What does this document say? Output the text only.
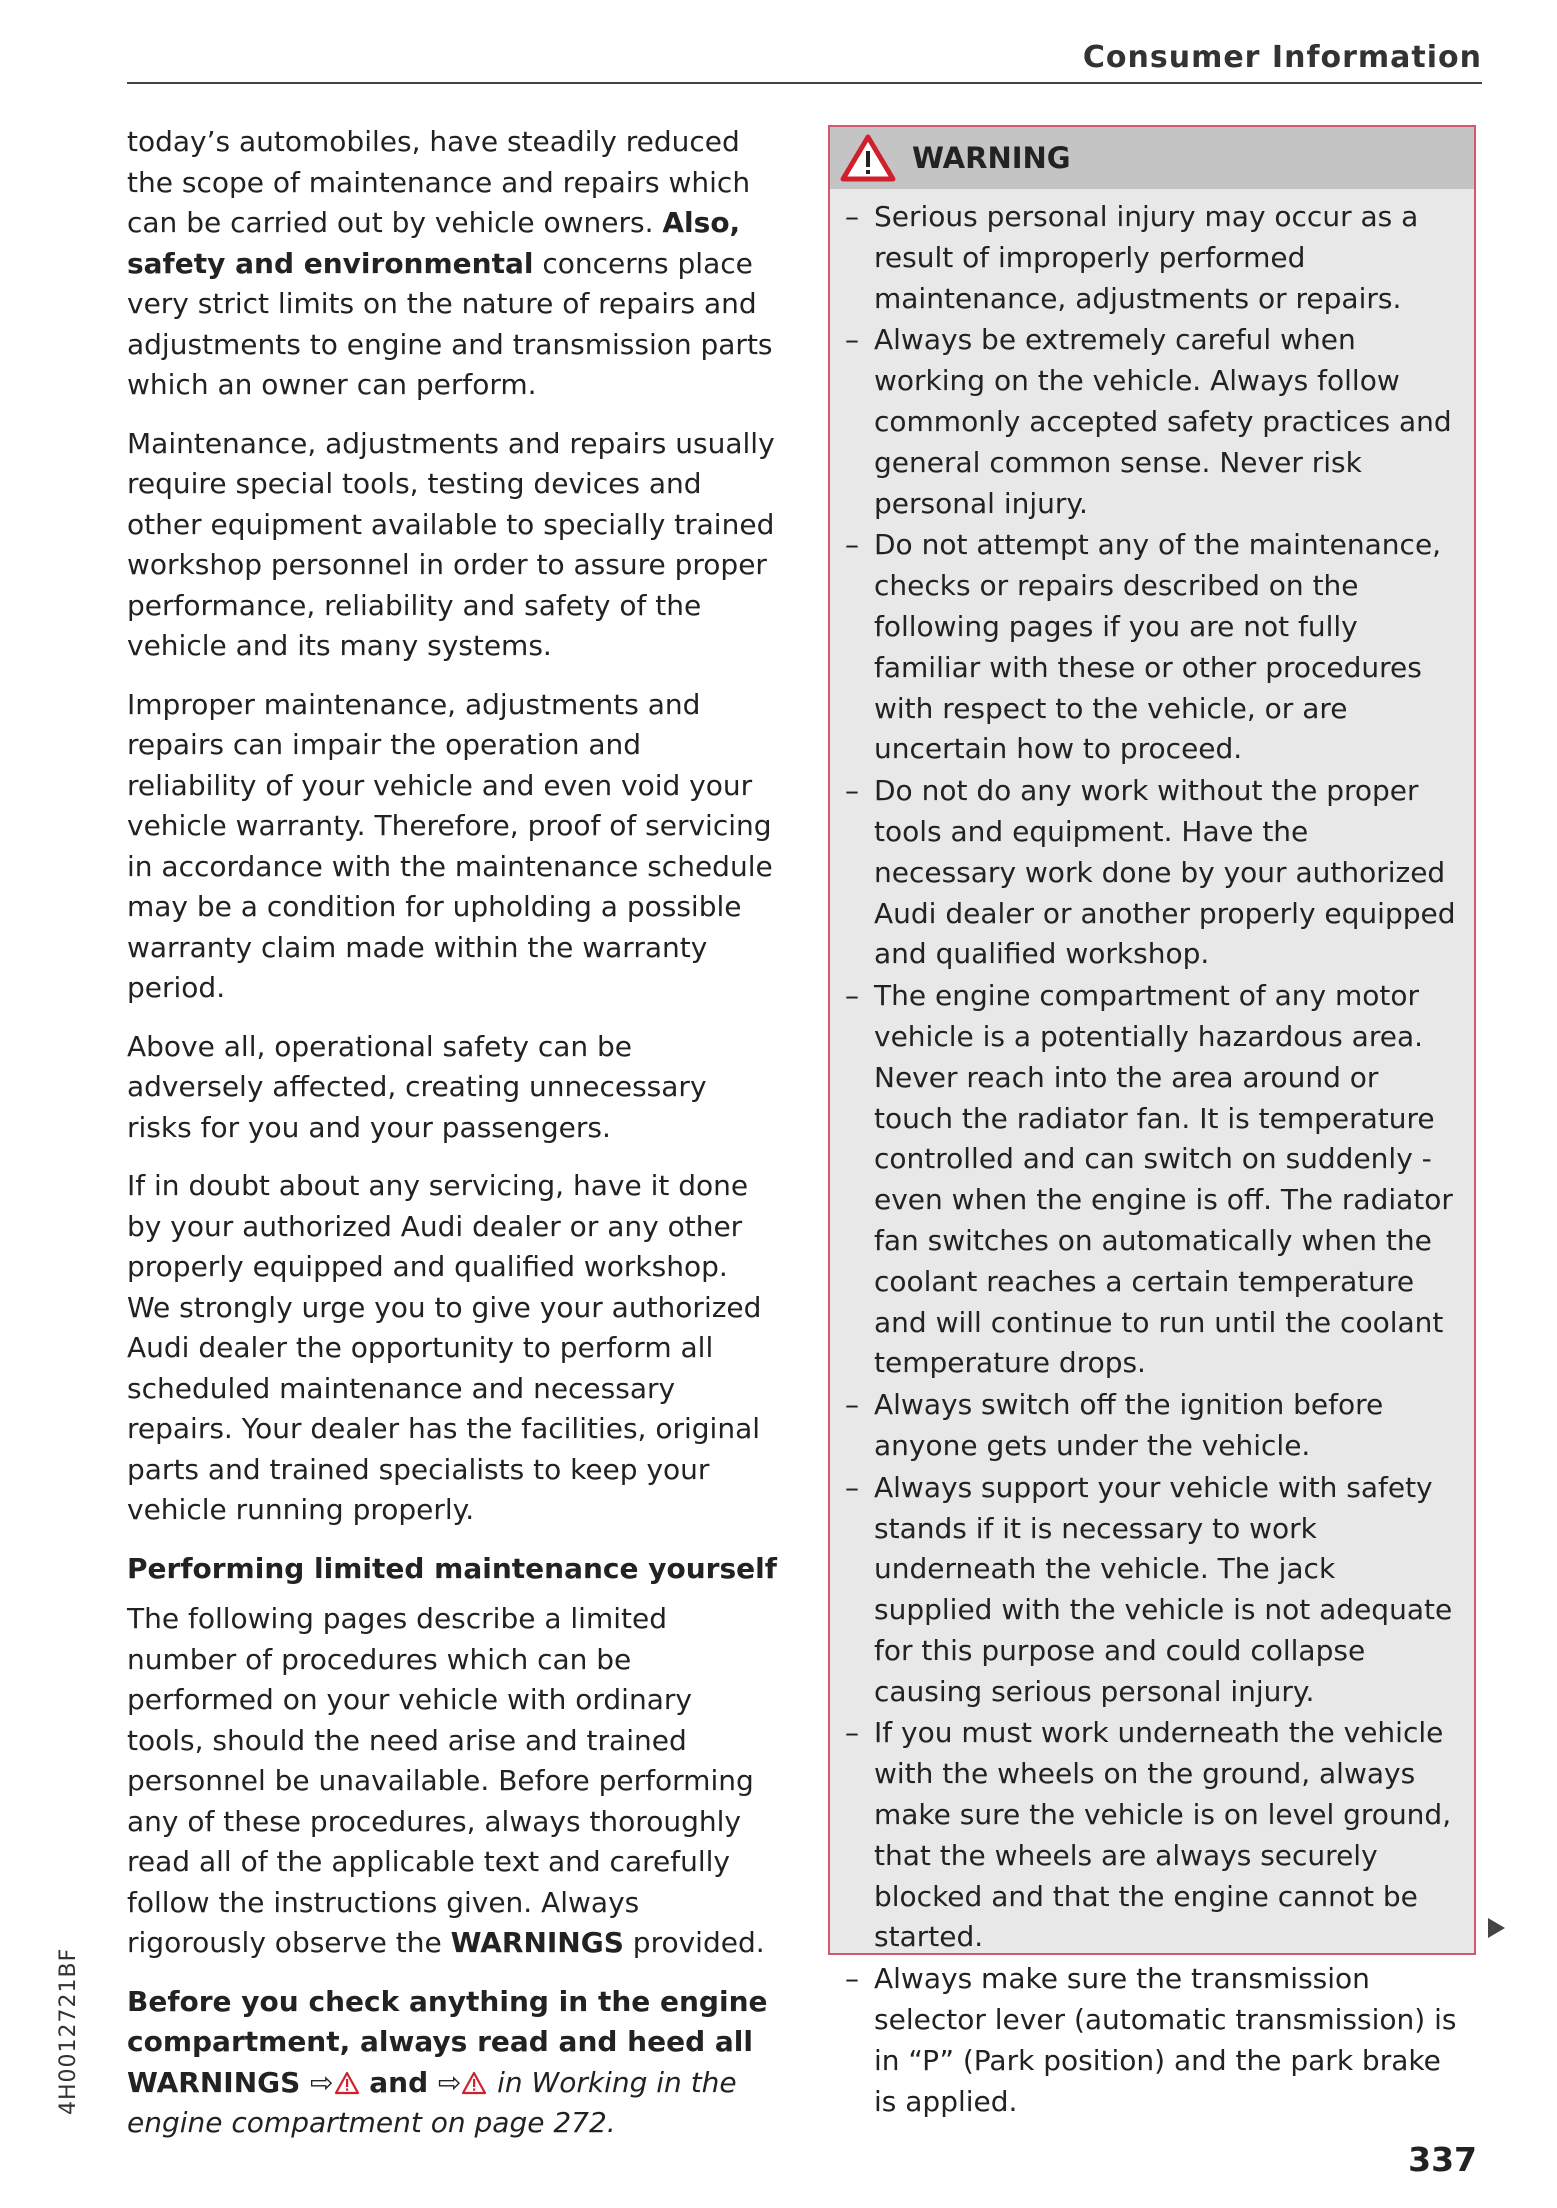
Consumer Information

today’s automobiles, have steadily reduced the scope of maintenance and repairs which can be carried out by vehicle owners. Also, safety and environmental concerns place very strict limits on the nature of repairs and adjustments to engine and transmission parts which an owner can perform.

Maintenance, adjustments and repairs usually require special tools, testing devices and other equipment available to specially trained workshop personnel in order to assure proper performance, reliability and safety of the vehicle and its many systems.

Improper maintenance, adjustments and repairs can impair the operation and reliability of your vehicle and even void your vehicle warranty. Therefore, proof of servicing in accordance with the maintenance schedule may be a condition for upholding a possible warranty claim made within the warranty period.

Above all, operational safety can be adversely affected, creating unnecessary risks for you and your passengers.

If in doubt about any servicing, have it done by your authorized Audi dealer or any other properly equipped and qualified workshop. We strongly urge you to give your authorized Audi dealer the opportunity to perform all scheduled maintenance and necessary repairs. Your dealer has the facilities, original parts and trained specialists to keep your vehicle running properly.

Performing limited maintenance yourself

The following pages describe a limited number of procedures which can be performed on your vehicle with ordinary tools, should the need arise and trained personnel be unavailable. Before performing any of these procedures, always thoroughly read all of the applicable text and carefully follow the instructions given. Always rigorously observe the WARNINGS provided.

Before you check anything in the engine compartment, always read and heed all WARNINGS ⇨ and ⇨ in Working in the engine compartment on page 272.

WARNING
– Serious personal injury may occur as a result of improperly performed maintenance, adjustments or repairs.
– Always be extremely careful when working on the vehicle. Always follow commonly accepted safety practices and general common sense. Never risk personal injury.
– Do not attempt any of the maintenance, checks or repairs described on the following pages if you are not fully familiar with these or other procedures with respect to the vehicle, or are uncertain how to proceed.
– Do not do any work without the proper tools and equipment. Have the necessary work done by your authorized Audi dealer or another properly equipped and qualified workshop.
– The engine compartment of any motor vehicle is a potentially hazardous area. Never reach into the area around or touch the radiator fan. It is temperature controlled and can switch on suddenly - even when the engine is off. The radiator fan switches on automatically when the coolant reaches a certain temperature and will continue to run until the coolant temperature drops.
– Always switch off the ignition before anyone gets under the vehicle.
– Always support your vehicle with safety stands if it is necessary to work underneath the vehicle. The jack supplied with the vehicle is not adequate for this purpose and could collapse causing serious personal injury.
– If you must work underneath the vehicle with the wheels on the ground, always make sure the vehicle is on level ground, that the wheels are always securely blocked and that the engine cannot be started.
– Always make sure the transmission selector lever (automatic transmission) is in “P” (Park position) and the park brake is applied.
4H0012721BF
337
